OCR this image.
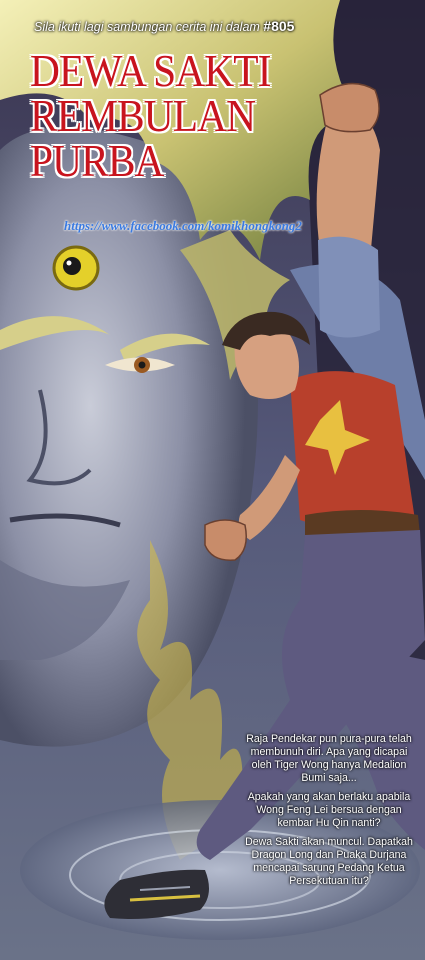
Sila ikuti lagi sambungan cerita ini dalam #805
DEWA SAKTI
REMBULAN
PURBA
https://www.facebook.com/komikhongkong2

Raja Pendekar pun pura-pura telah membunuh diri. Apa yang dicapai oleh Tiger Wong hanya Medalion Bumi saja...

Apakah yang akan berlaku apabila Wong Feng Lei bersua dengan kembar Hu Qin nanti?

Dewa Sakti akan muncul. Dapatkah Dragon Long dan Puaka Durjana mencapai sarung Pedang Ketua Persekutuan itu?
